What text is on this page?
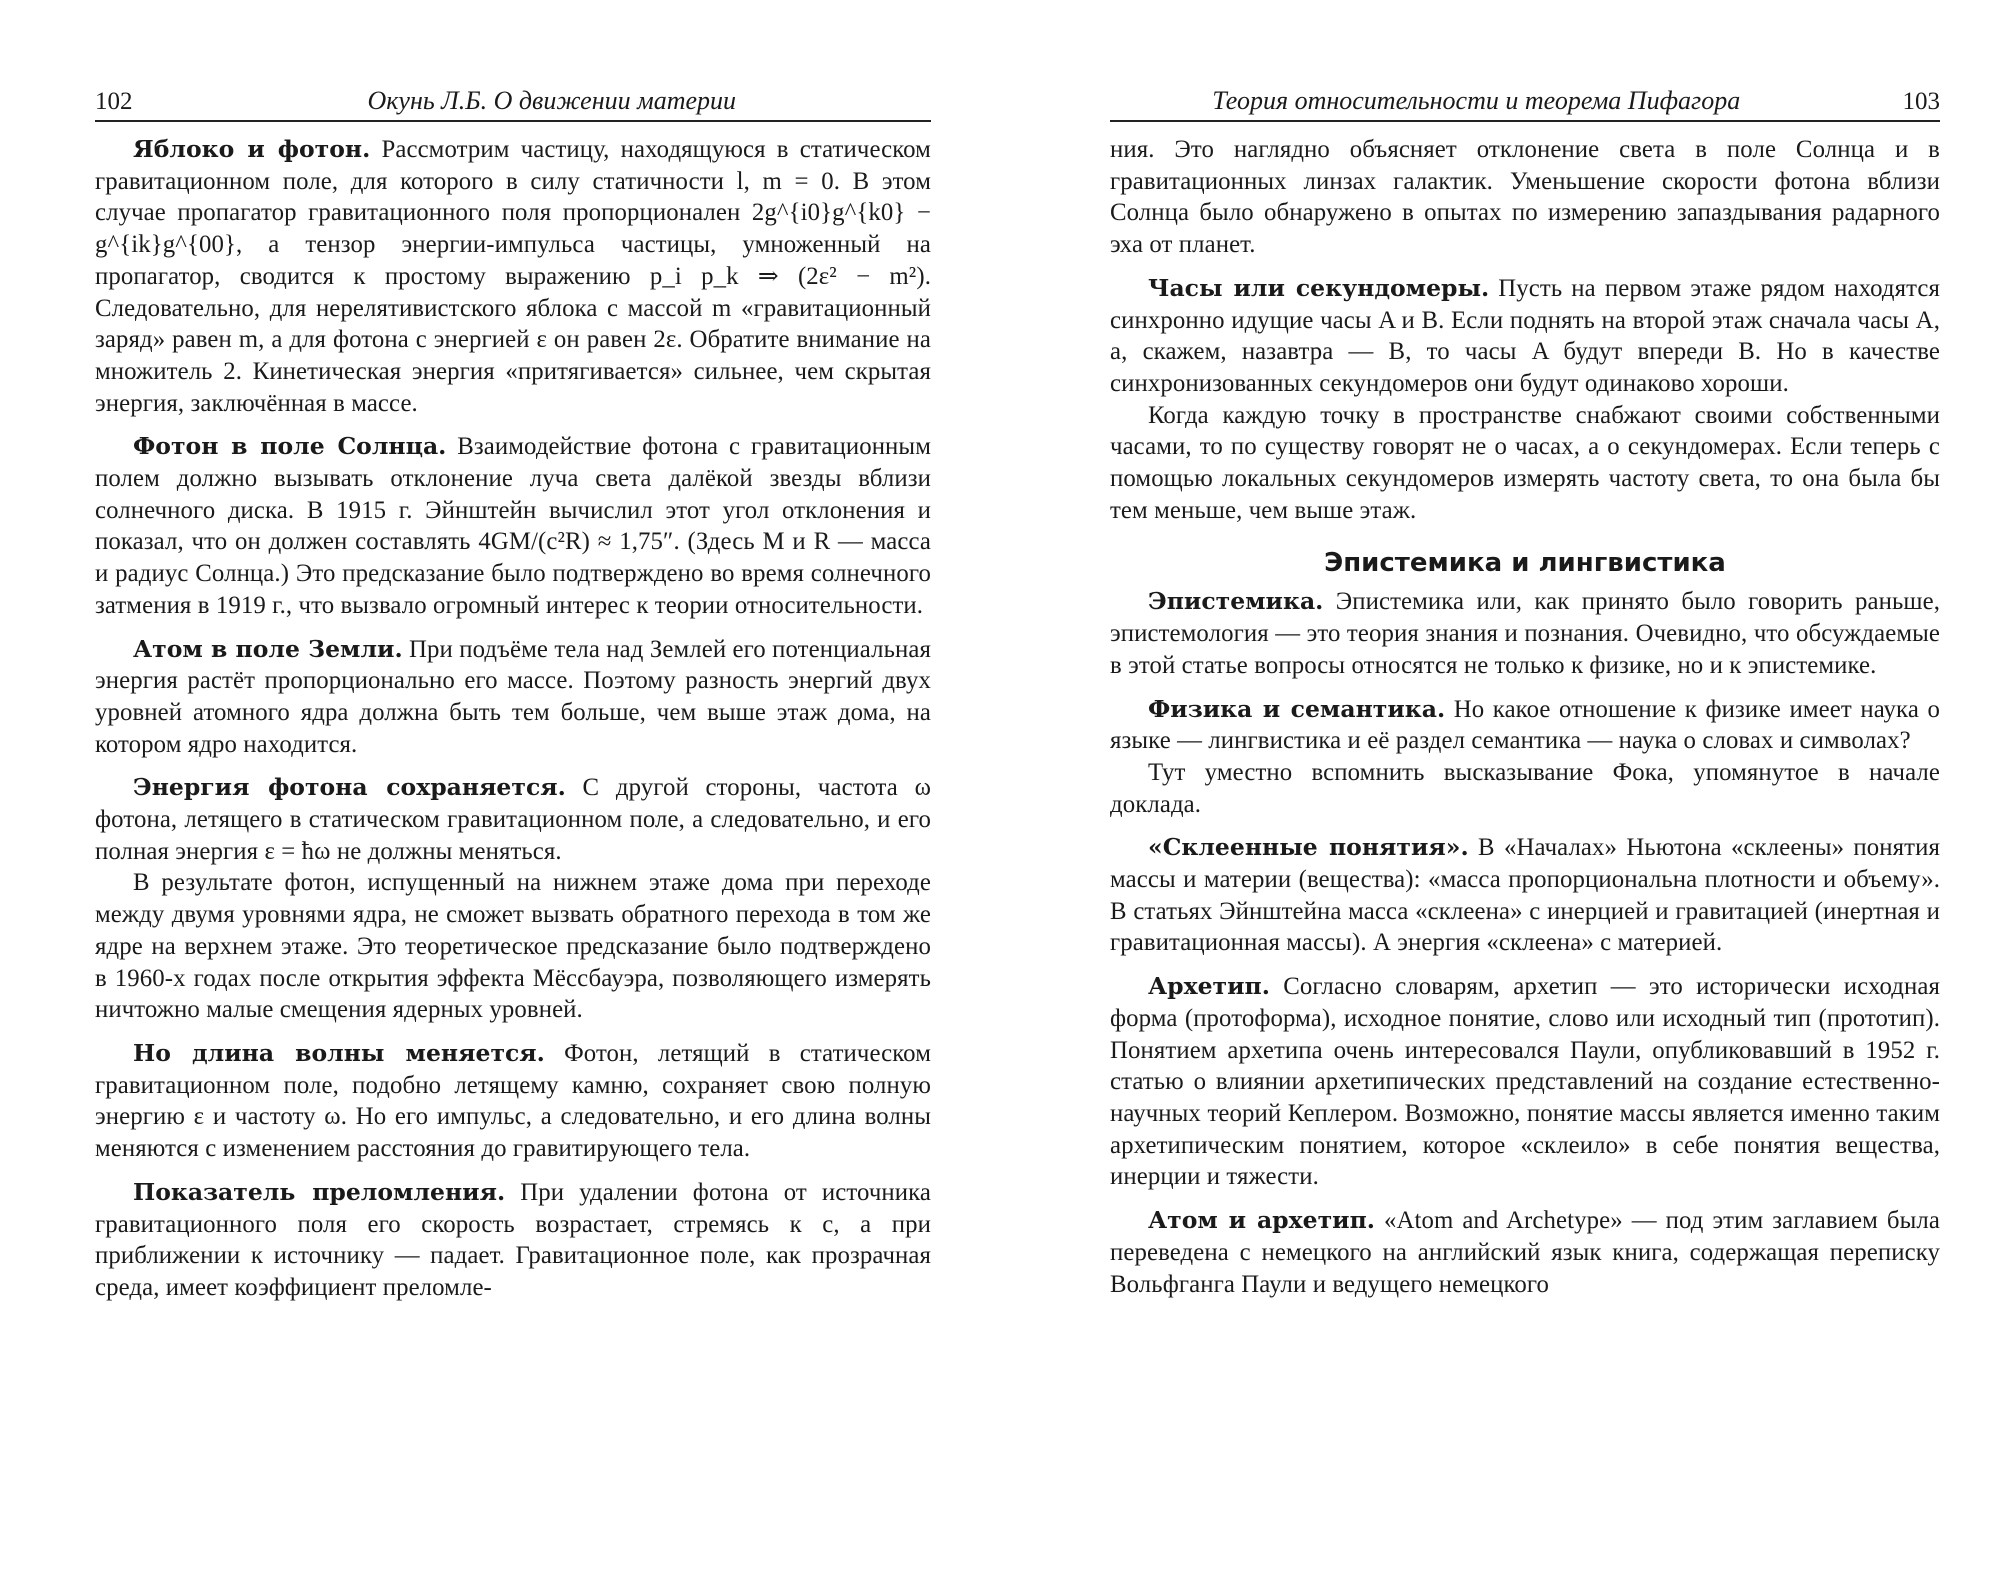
102	Окунь Л.Б. О движении материи

Яблоко и фотон. Рассмотрим частицу, находящуюся в статическом гравитационном поле, для которого в силу статичности l, m = 0. В этом случае пропагатор гравитационного поля пропорционален 2g^{i0}g^{k0} − g^{ik}g^{00}, а тензор энергии-импульса частицы, умноженный на пропагатор, сводится к простому выражению p_i p_k ⇒ (2ε² − m²). Следовательно, для нерелятивистского яблока с массой m «гравитационный заряд» равен m, а для фотона с энергией ε он равен 2ε. Обратите внимание на множитель 2. Кинетическая энергия «притягивается» сильнее, чем скрытая энергия, заключённая в массе.

Фотон в поле Солнца. Взаимодействие фотона с гравитационным полем должно вызывать отклонение луча света далёкой звезды вблизи солнечного диска. В 1915 г. Эйнштейн вычислил этот угол отклонения и показал, что он должен составлять 4GM/(c²R) ≈ 1,75″. (Здесь M и R — масса и радиус Солнца.) Это предсказание было подтверждено во время солнечного затмения в 1919 г., что вызвало огромный интерес к теории относительности.

Атом в поле Земли. При подъёме тела над Землей его потенциальная энергия растёт пропорционально его массе. Поэтому разность энергий двух уровней атомного ядра должна быть тем больше, чем выше этаж дома, на котором ядро находится.

Энергия фотона сохраняется. С другой стороны, частота ω фотона, летящего в статическом гравитационном поле, а следовательно, и его полная энергия ε = ħω не должны меняться.

В результате фотон, испущенный на нижнем этаже дома при переходе между двумя уровнями ядра, не сможет вызвать обратного перехода в том же ядре на верхнем этаже. Это теоретическое предсказание было подтверждено в 1960-х годах после открытия эффекта Мёссбауэра, позволяющего измерять ничтожно малые смещения ядерных уровней.

Но длина волны меняется. Фотон, летящий в статическом гравитационном поле, подобно летящему камню, сохраняет свою полную энергию ε и частоту ω. Но его импульс, а следовательно, и его длина волны меняются с изменением расстояния до гравитирующего тела.

Показатель преломления. При удалении фотона от источника гравитационного поля его скорость возрастает, стремясь к c, а при приближении к источнику — падает. Гравитационное поле, как прозрачная среда, имеет коэффициент преломле-

Теория относительности и теорема Пифагора	103

ния. Это наглядно объясняет отклонение света в поле Солнца и в гравитационных линзах галактик. Уменьшение скорости фотона вблизи Солнца было обнаружено в опытах по измерению запаздывания радарного эха от планет.

Часы или секундомеры. Пусть на первом этаже рядом находятся синхронно идущие часы A и B. Если поднять на второй этаж сначала часы A, а, скажем, назавтра — B, то часы A будут впереди B. Но в качестве синхронизованных секундомеров они будут одинаково хороши.

Когда каждую точку в пространстве снабжают своими собственными часами, то по существу говорят не о часах, а о секундомерах. Если теперь с помощью локальных секундомеров измерять частоту света, то она была бы тем меньше, чем выше этаж.

Эпистемика и лингвистика

Эпистемика. Эпистемика или, как принято было говорить раньше, эпистемология — это теория знания и познания. Очевидно, что обсуждаемые в этой статье вопросы относятся не только к физике, но и к эпистемике.

Физика и семантика. Но какое отношение к физике имеет наука о языке — лингвистика и её раздел семантика — наука о словах и символах?

Тут уместно вспомнить высказывание Фока, упомянутое в начале доклада.

«Склеенные понятия». В «Началах» Ньютона «склеены» понятия массы и материи (вещества): «масса пропорциональна плотности и объему». В статьях Эйнштейна масса «склеена» с инерцией и гравитацией (инертная и гравитационная массы). А энергия «склеена» с материей.

Архетип. Согласно словарям, архетип — это исторически исходная форма (протоформа), исходное понятие, слово или исходный тип (прототип). Понятием архетипа очень интересовался Паули, опубликовавший в 1952 г. статью о влиянии архетипических представлений на создание естественно-научных теорий Кеплером. Возможно, понятие массы является именно таким архетипическим понятием, которое «склеило» в себе понятия вещества, инерции и тяжести.

Атом и архетип. «Atom and Archetype» — под этим заглавием была переведена с немецкого на английский язык книга, содержащая переписку Вольфганга Паули и ведущего немецкого
